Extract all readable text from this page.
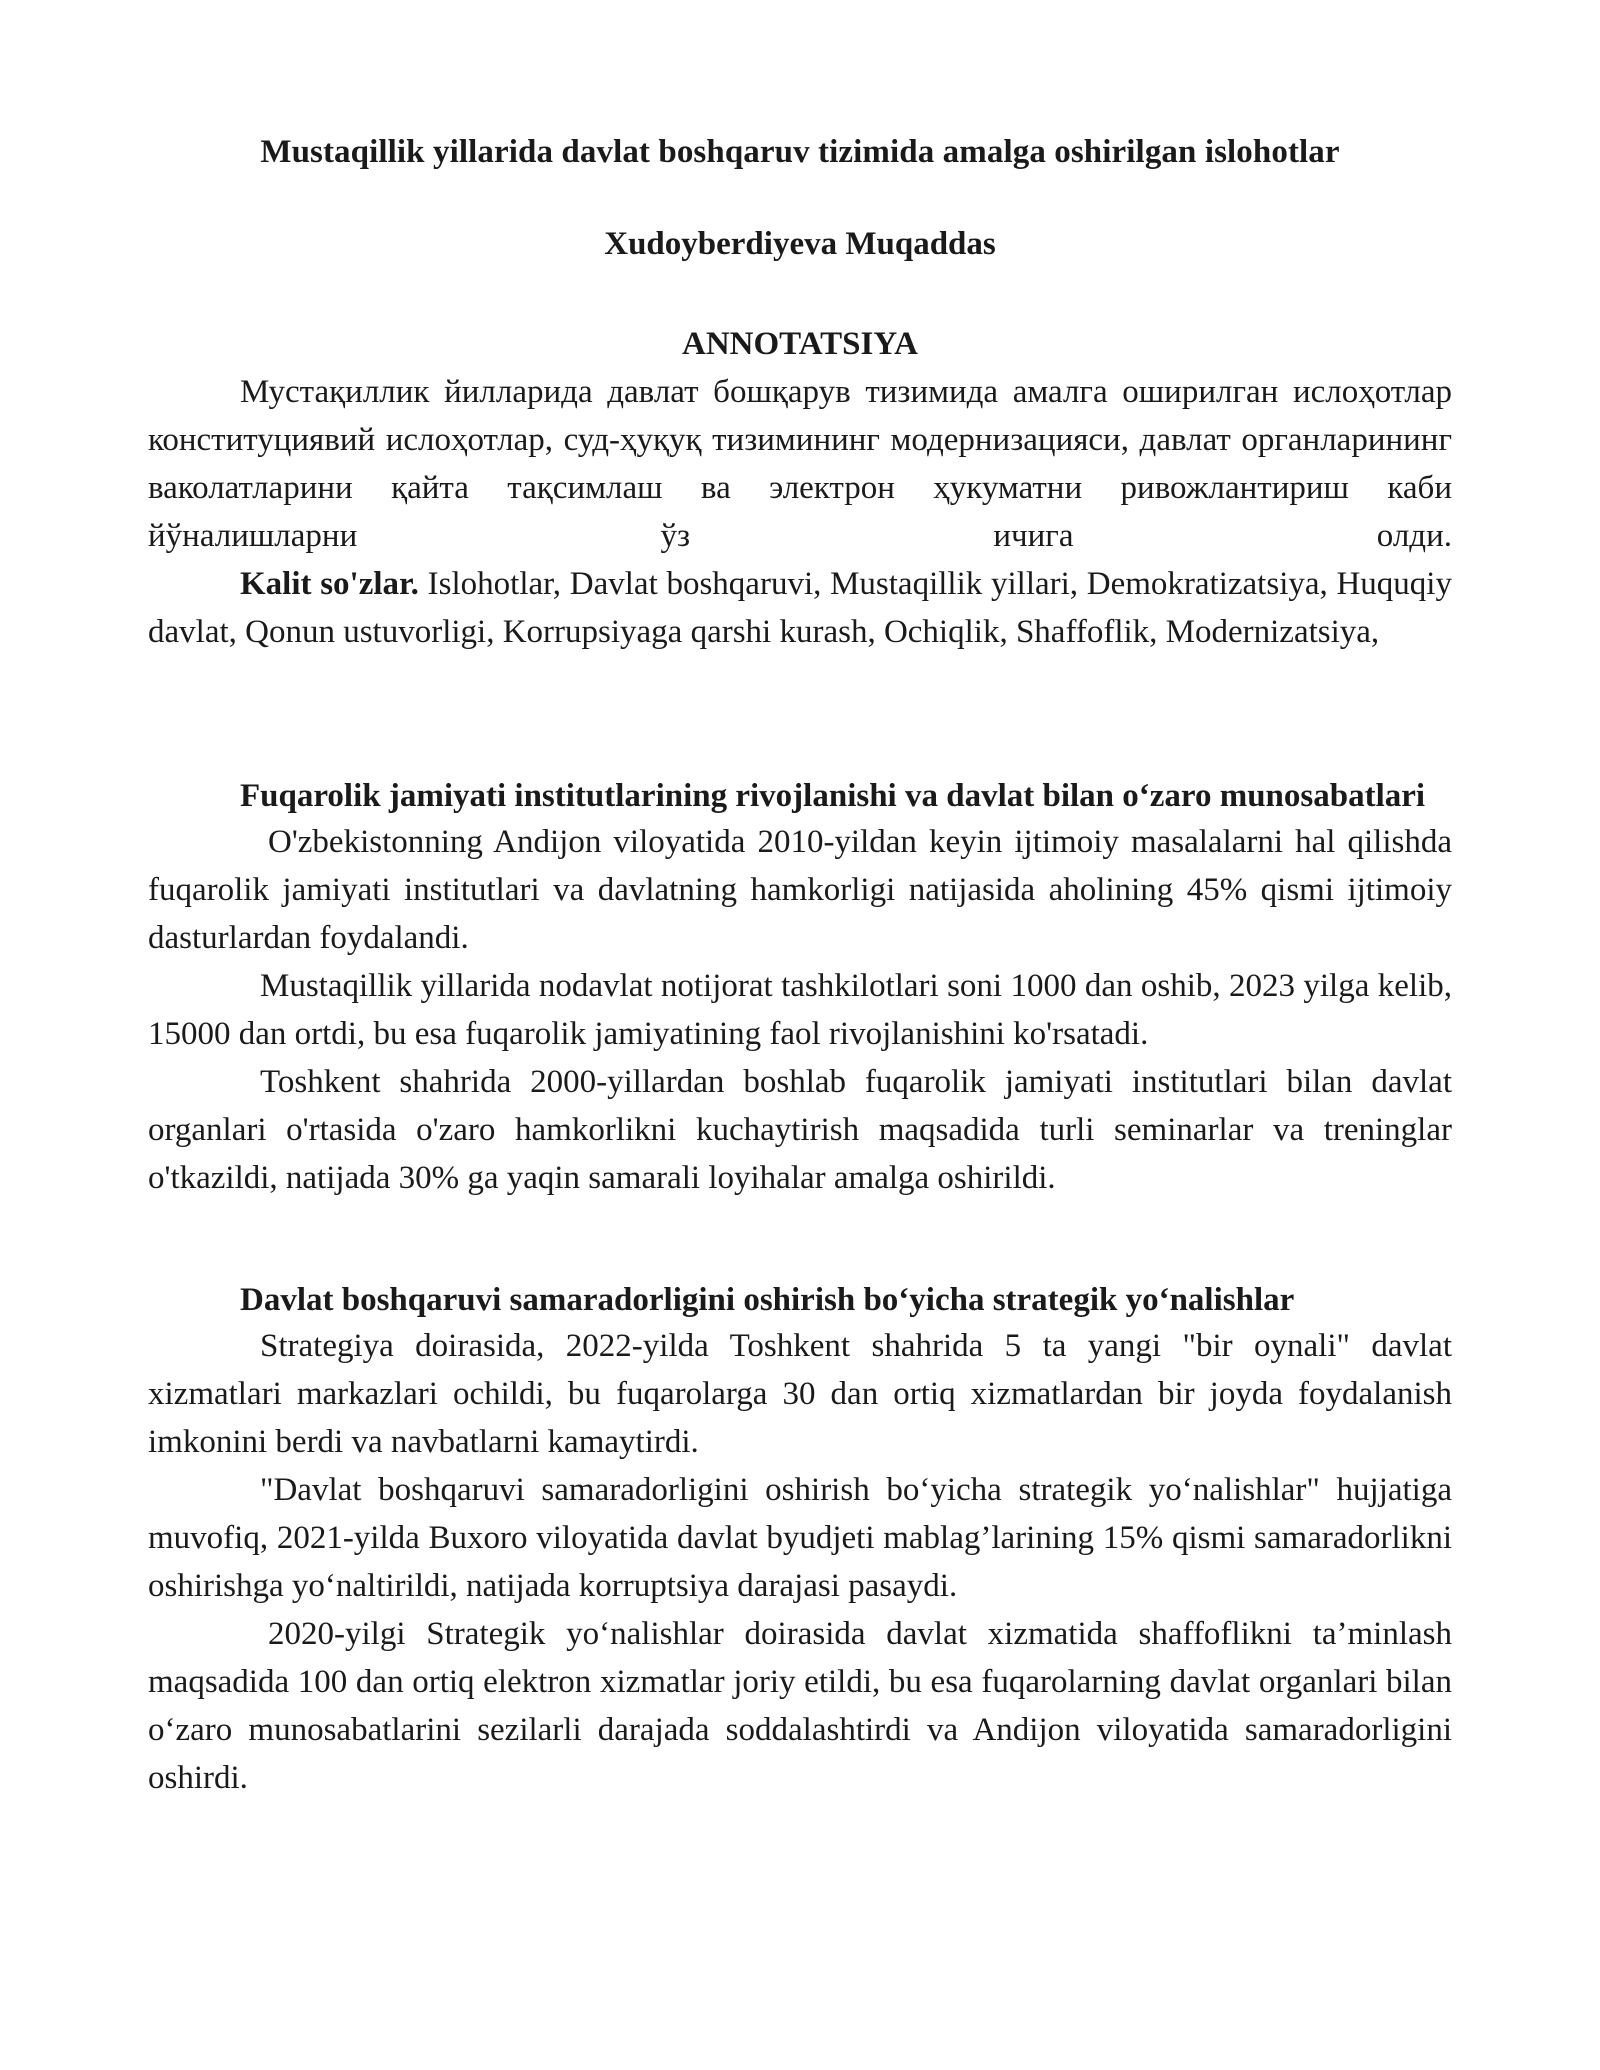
Mustaqillik yillarida davlat boshqaruv tizimida amalga oshirilgan islohotlar
Xudoyberdiyeva Muqaddas
ANNOTATSIYA

Мустақиллик йилларида давлат бошқарув тизимида амалга оширилган ислоҳотлар конституциявий ислоҳотлар, суд-ҳуқуқ тизимининг модернизацияси, давлат органларининг ваколатларини қайта тақсимлаш ва электрон ҳукуматни ривожлантириш каби йўналишларни ўз ичига олди.

Kalit so'zlar. Islohotlar, Davlat boshqaruvi, Mustaqillik yillari, Demokratizatsiya, Huquqiy davlat, Qonun ustuvorligi, Korrupsiyaga qarshi kurash, Ochiqlik, Shaffoflik, Modernizatsiya,

Fuqarolik jamiyati institutlarining rivojlanishi va davlat bilan o‘zaro munosabatlari

O'zbekistonning Andijon viloyatida 2010-yildan keyin ijtimoiy masalalarni hal qilishda fuqarolik jamiyati institutlari va davlatning hamkorligi natijasida aholining 45% qismi ijtimoiy dasturlardan foydalandi.

Mustaqillik yillarida nodavlat notijorat tashkilotlari soni 1000 dan oshib, 2023 yilga kelib, 15000 dan ortdi, bu esa fuqarolik jamiyatining faol rivojlanishini ko'rsatadi.

Toshkent shahrida 2000-yillardan boshlab fuqarolik jamiyati institutlari bilan davlat organlari o'rtasida o'zaro hamkorlikni kuchaytirish maqsadida turli seminarlar va treninglar o'tkazildi, natijada 30% ga yaqin samarali loyihalar amalga oshirildi.

Davlat boshqaruvi samaradorligini oshirish bo‘yicha strategik yo‘nalishlar

Strategiya doirasida, 2022-yilda Toshkent shahrida 5 ta yangi "bir oynali" davlat xizmatlari markazlari ochildi, bu fuqarolarga 30 dan ortiq xizmatlardan bir joyda foydalanish imkonini berdi va navbatlarni kamaytirdi.

"Davlat boshqaruvi samaradorligini oshirish bo‘yicha strategik yo‘nalishlar" hujjatiga muvofiq, 2021-yilda Buxoro viloyatida davlat byudjeti mablag’larining 15% qismi samaradorlikni oshirishga yo‘naltirildi, natijada korruptsiya darajasi pasaydi.

2020-yilgi Strategik yo‘nalishlar doirasida davlat xizmatida shaffoflikni ta’minlash maqsadida 100 dan ortiq elektron xizmatlar joriy etildi, bu esa fuqarolarning davlat organlari bilan o‘zaro munosabatlarini sezilarli darajada soddalashtirdi va Andijon viloyatida samaradorligini oshirdi.
